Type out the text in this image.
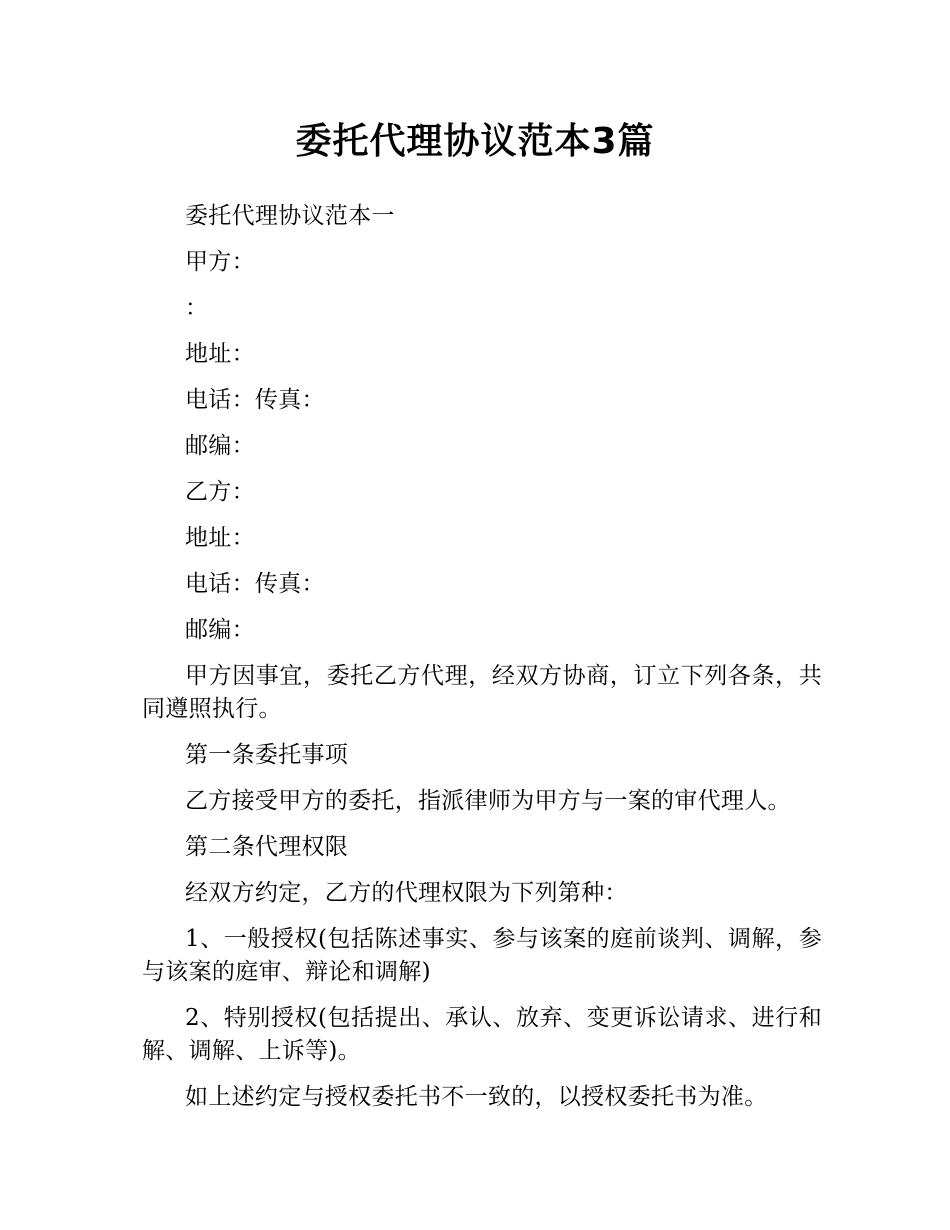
委托代理协议范本3篇

委托代理协议范本一

甲方：

：

地址：

电话：传真：

邮编：

乙方：

地址：

电话：传真：

邮编：

甲方因事宜，委托乙方代理，经双方协商，订立下列各条，共同遵照执行。

第一条委托事项

乙方接受甲方的委托，指派律师为甲方与一案的审代理人。

第二条代理权限

经双方约定，乙方的代理权限为下列第种：

1、一般授权(包括陈述事实、参与该案的庭前谈判、调解，参与该案的庭审、辩论和调解)

2、特别授权(包括提出、承认、放弃、变更诉讼请求、进行和解、调解、上诉等)。

如上述约定与授权委托书不一致的，以授权委托书为准。
